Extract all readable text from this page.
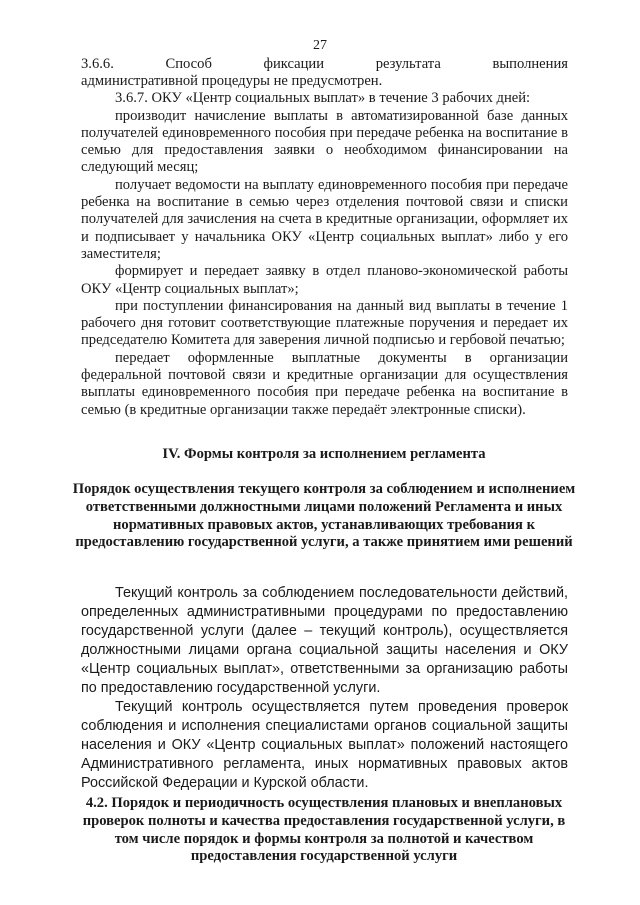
27
3.6.6.	Способ	фиксации	результата	выполнения

административной процедуры не предусмотрен.

3.6.7. ОКУ «Центр социальных выплат» в течение 3 рабочих дней:

производит начисление выплаты в автоматизированной базе данных получателей единовременного пособия при передаче ребенка на воспитание в семью для предоставления заявки о необходимом финансировании на следующий месяц;

получает ведомости на выплату единовременного пособия при передаче ребенка на воспитание в семью через отделения почтовой связи и списки получателей для зачисления на счета в кредитные организации, оформляет их и подписывает у начальника ОКУ «Центр социальных выплат» либо у его заместителя;

формирует и передает заявку в отдел планово-экономической работы ОКУ «Центр социальных выплат»;

при поступлении финансирования на данный вид выплаты в течение 1 рабочего дня готовит соответствующие платежные поручения и передает их председателю Комитета для заверения личной подписью и гербовой печатью;

передает оформленные выплатные документы в организации федеральной почтовой связи и кредитные организации для осуществления выплаты единовременного пособия при передаче ребенка на воспитание в семью (в кредитные организации также передаёт электронные списки).

IV. Формы контроля за исполнением регламента
Порядок осуществления текущего контроля за соблюдением и исполнением ответственными должностными лицами положений Регламента и иных нормативных правовых актов, устанавливающих требования к предоставлению государственной услуги, а также принятием ими решений

Текущий контроль за соблюдением последовательности действий, определенных административными процедурами по предоставлению государственной услуги (далее – текущий контроль), осуществляется должностными лицами органа социальной защиты населения и ОКУ «Центр социальных выплат», ответственными за организацию работы по предоставлению государственной услуги.

Текущий контроль осуществляется путем проведения проверок соблюдения и исполнения специалистами органов социальной защиты населения и ОКУ «Центр социальных выплат» положений настоящего Административного регламента, иных нормативных правовых актов Российской Федерации и Курской области.

4.2. Порядок и периодичность осуществления плановых и внеплановых проверок полноты и качества предоставления государственной услуги, в том числе порядок и формы контроля за полнотой и качеством предоставления государственной услуги
